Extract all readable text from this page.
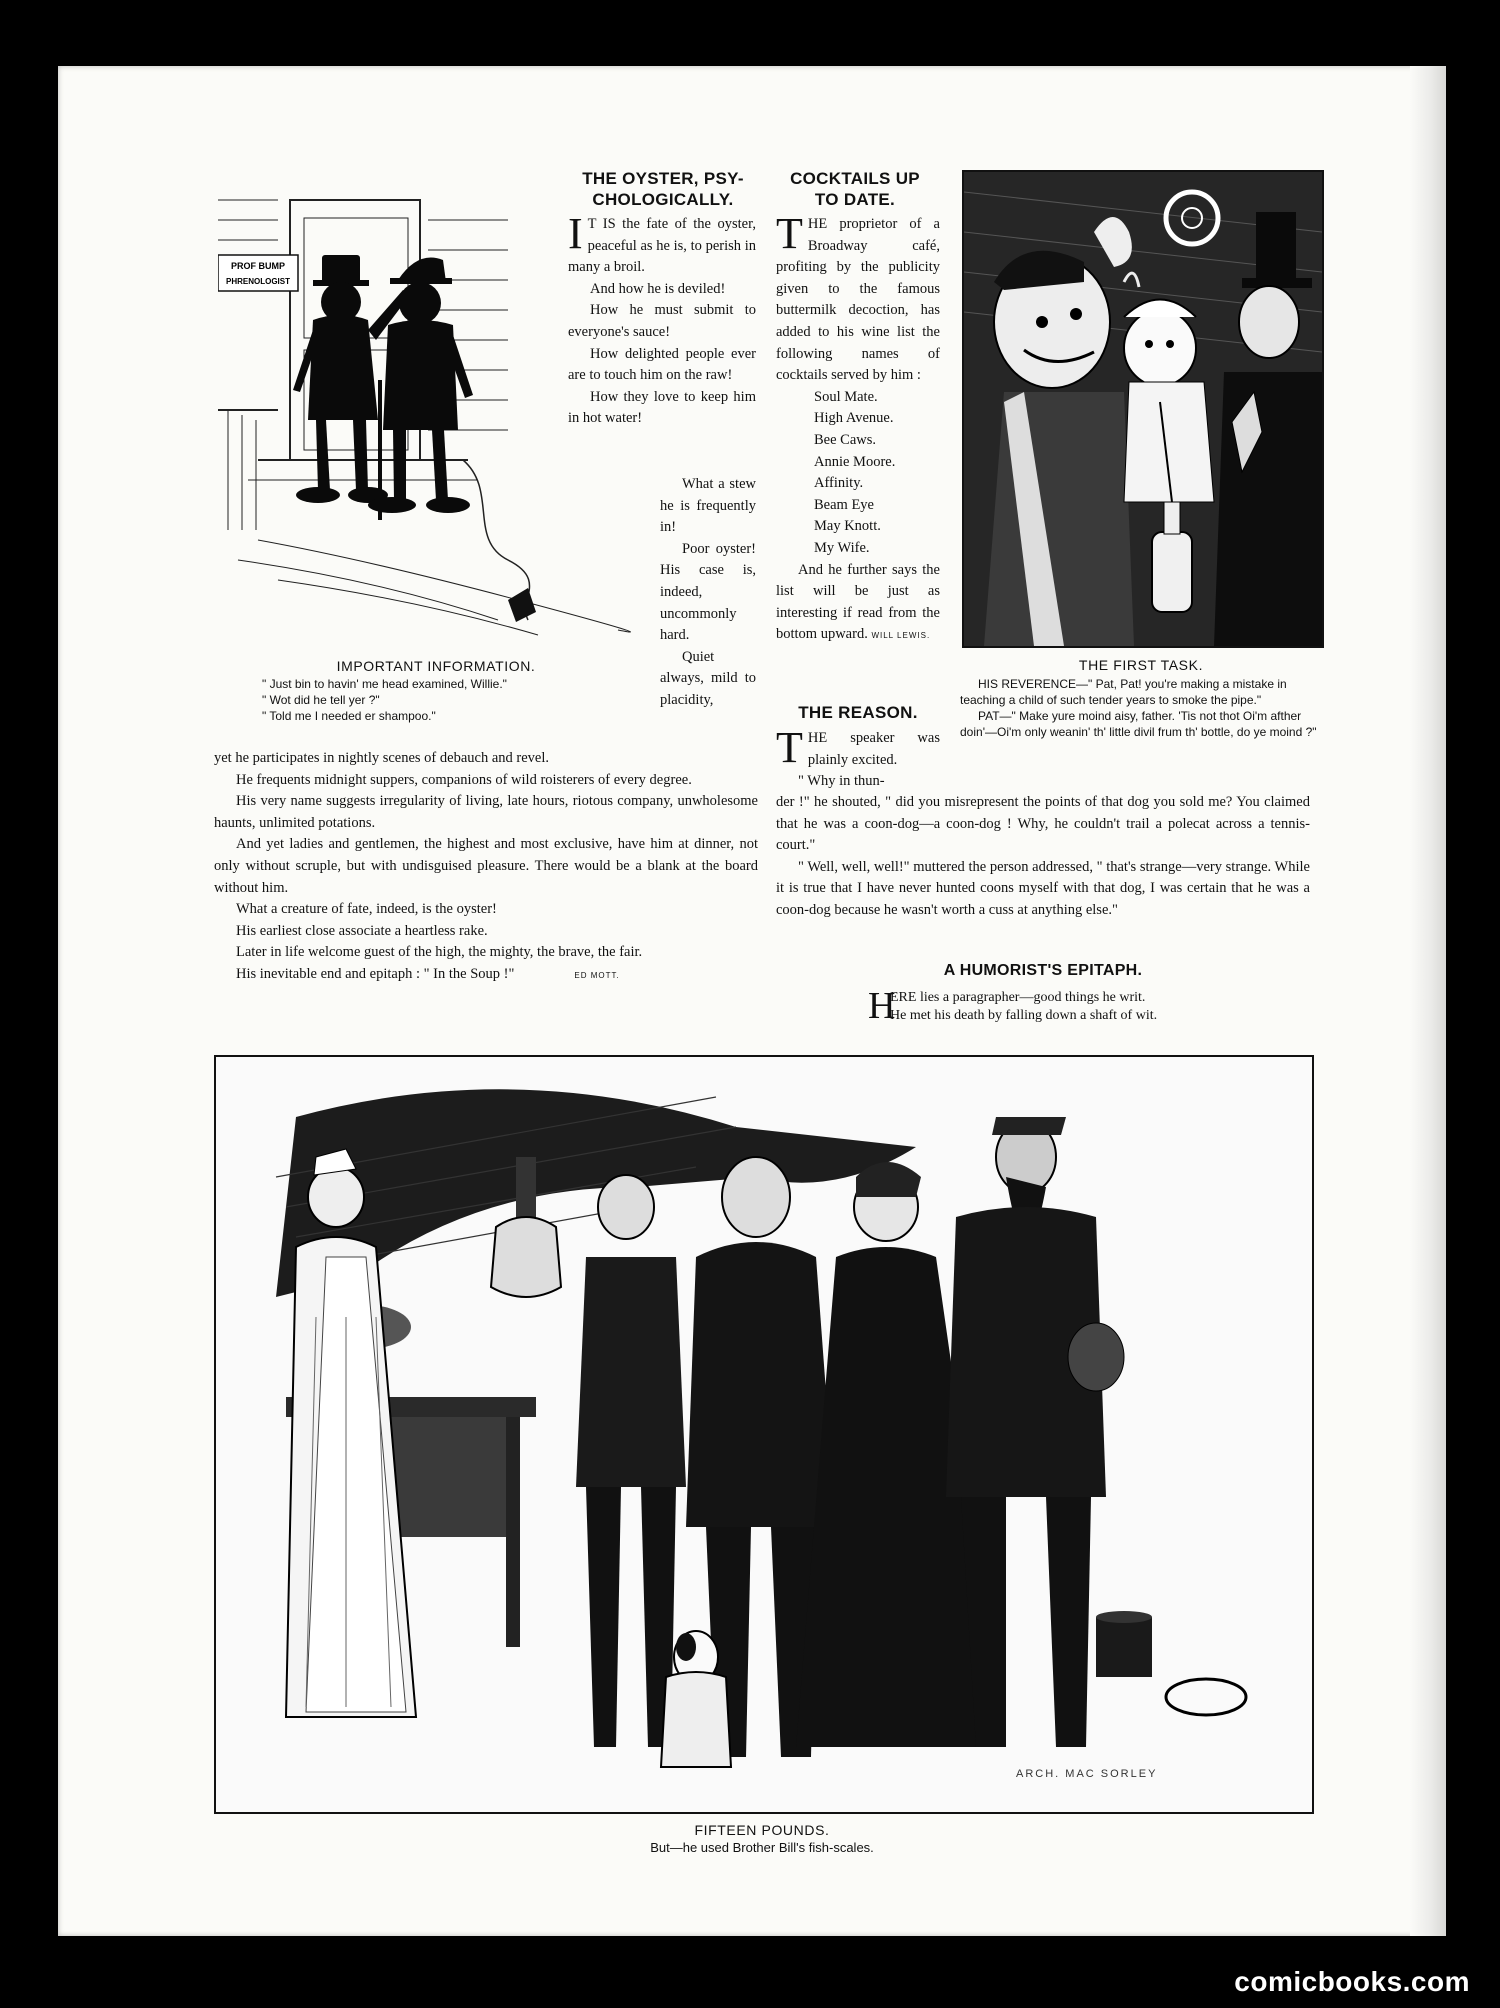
PROF BUMP
PHRENOLOGIST
IMPORTANT INFORMATION.
" Just bin to havin' me head examined, Willie."
" Wot did he tell yer ?"
" Told me I needed er shampoo."
THE OYSTER, PSY-
CHOLOGICALLY.

I T IS the fate of the oyster, peaceful as he is, to perish in many a broil.

And how he is deviled!

How he must submit to everyone's sauce!

How delighted people ever are to touch him on the raw!

How they love to keep him in hot water!

What a stew he is frequently in!

Poor oyster! His case is, indeed, uncommonly hard.

Quiet always, mild to placidity,

COCKTAILS UP
TO DATE.

THE proprietor of a Broadway café, profiting by the publicity given to the famous buttermilk decoction, has added to his wine list the following names of cocktails served by him :

Soul Mate.
High Avenue.
Bee Caws.
Annie Moore.
Affinity.
Beam Eye
May Knott.
My Wife.

And he further says the list will be just as interesting if read from the bottom upward. WILL LEWIS.

THE REASON.

THE speaker was plainly excited.

" Why in thun-

THE FIRST TASK.
HIS REVERENCE—" Pat, Pat! you're making a mistake in teaching a child of such tender years to smoke the pipe."
PAT—" Make yure moind aisy, father. 'Tis not thot Oi'm afther doin'—Oi'm only weanin' th' little divil frum th' bottle, do ye moind ?"

yet he participates in nightly scenes of debauch and revel.

He frequents midnight suppers, companions of wild roisterers of every degree.

His very name suggests irregularity of living, late hours, riotous company, unwholesome haunts, unlimited potations.

And yet ladies and gentlemen, the highest and most exclusive, have him at dinner, not only without scruple, but with undisguised pleasure. There would be a blank at the board without him.

What a creature of fate, indeed, is the oyster!

His earliest close associate a heartless rake.

Later in life welcome guest of the high, the mighty, the brave, the fair.

His inevitable end and epitaph : " In the Soup !"	ED MOTT.

der !" he shouted, " did you misrepresent the points of that dog you sold me? You claimed that he was a coon-dog—a coon-dog ! Why, he couldn't trail a polecat across a tennis-court."

" Well, well, well!" muttered the person addressed, " that's strange—very strange. While it is true that I have never hunted coons myself with that dog, I was certain that he was a coon-dog because he wasn't worth a cuss at anything else."

A HUMORIST'S EPITAPH.
H
ERE lies a paragrapher—good things he writ.
He met his death by falling down a shaft of wit.
ARCH. MAC SORLEY
FIFTEEN POUNDS.
But—he used Brother Bill's fish-scales.
comicbooks.com
